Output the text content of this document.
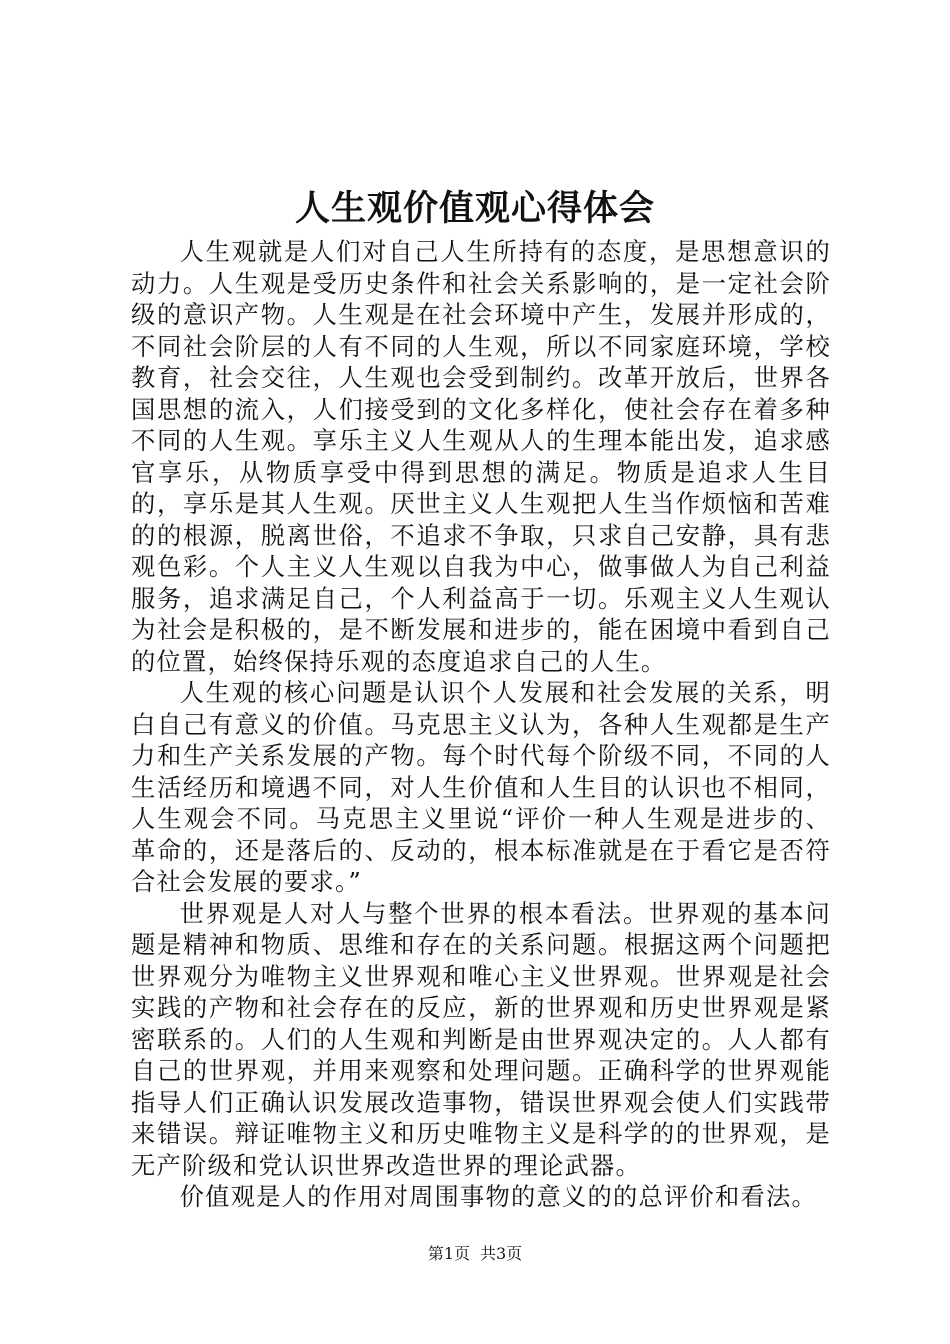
人生观价值观心得体会

人生观就是人们对自己人生所持有的态度，是思想意识的动力。人生观是受历史条件和社会关系影响的，是一定社会阶级的意识产物。人生观是在社会环境中产生，发展并形成的，不同社会阶层的人有不同的人生观，所以不同家庭环境，学校教育，社会交往，人生观也会受到制约。改革开放后，世界各国思想的流入，人们接受到的文化多样化，使社会存在着多种不同的人生观。享乐主义人生观从人的生理本能出发，追求感官享乐，从物质享受中得到思想的满足。物质是追求人生目的，享乐是其人生观。厌世主义人生观把人生当作烦恼和苦难的的根源，脱离世俗，不追求不争取，只求自己安静，具有悲观色彩。个人主义人生观以自我为中心，做事做人为自己利益服务，追求满足自己，个人利益高于一切。乐观主义人生观认为社会是积极的，是不断发展和进步的，能在困境中看到自己的位置，始终保持乐观的态度追求自己的人生。

人生观的核心问题是认识个人发展和社会发展的关系，明白自己有意义的价值。马克思主义认为，各种人生观都是生产力和生产关系发展的产物。每个时代每个阶级不同，不同的人生活经历和境遇不同，对人生价值和人生目的认识也不相同，人生观会不同。马克思主义里说“评价一种人生观是进步的、革命的，还是落后的、反动的，根本标准就是在于看它是否符合社会发展的要求。”

世界观是人对人与整个世界的根本看法。世界观的基本问题是精神和物质、思维和存在的关系问题。根据这两个问题把世界观分为唯物主义世界观和唯心主义世界观。世界观是社会实践的产物和社会存在的反应，新的世界观和历史世界观是紧密联系的。人们的人生观和判断是由世界观决定的。人人都有自己的世界观，并用来观察和处理问题。正确科学的世界观能指导人们正确认识发展改造事物，错误世界观会使人们实践带来错误。辩证唯物主义和历史唯物主义是科学的的世界观，是无产阶级和党认识世界改造世界的理论武器。

价值观是人的作用对周围事物的意义的的总评价和看法。

第1页 共3页
